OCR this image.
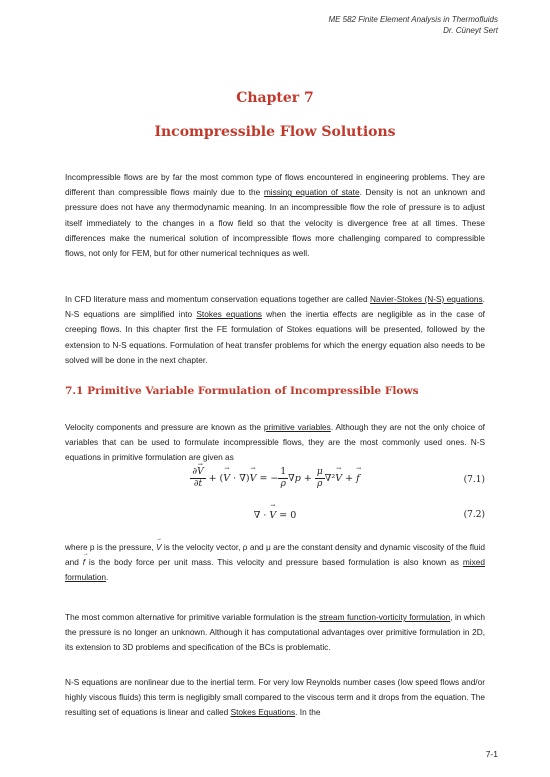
ME 582 Finite Element Analysis in Thermofluids
Dr. Cüneyt Sert
Chapter 7
Incompressible Flow Solutions

Incompressible flows are by far the most common type of flows encountered in engineering problems. They are different than compressible flows mainly due to the missing equation of state. Density is not an unknown and pressure does not have any thermodynamic meaning. In an incompressible flow the role of pressure is to adjust itself immediately to the changes in a flow field so that the velocity is divergence free at all times. These differences make the numerical solution of incompressible flows more challenging compared to compressible flows, not only for FEM, but for other numerical techniques as well.

In CFD literature mass and momentum conservation equations together are called Navier-Stokes (N-S) equations. N-S equations are simplified into Stokes equations when the inertia effects are negligible as in the case of creeping flows. In this chapter first the FE formulation of Stokes equations will be presented, followed by the extension to N-S equations. Formulation of heat transfer problems for which the energy equation also needs to be solved will be done in the next chapter.

7.1 Primitive Variable Formulation of Incompressible Flows

Velocity components and pressure are known as the primitive variables. Although they are not the only choice of variables that can be used to formulate incompressible flows, they are the most commonly used ones. N-S equations in primitive formulation are given as

$\frac{\partial\to V}{\partial t}$ + (→ V · ∇)→ V = − $\frac{1}{\rho} \nabla p + \frac{\mu}{\rho} \nabla^2\to V$ + → f	(7.1)
∇ · → V = 0	(7.2)

where p is the pressure, → V is the velocity vector, ρ and μ are the constant density and dynamic viscosity of the fluid and → f is the body force per unit mass. This velocity and pressure based formulation is also known as mixed formulation.

The most common alternative for primitive variable formulation is the stream function-vorticity formulation, in which the pressure is no longer an unknown. Although it has computational advantages over primitive formulation in 2D, its extension to 3D problems and specification of the BCs is problematic.

N-S equations are nonlinear due to the inertial term. For very low Reynolds number cases (low speed flows and/or highly viscous fluids) this term is negligibly small compared to the viscous term and it drops from the equation. The resulting set of equations is linear and called Stokes Equations. In the

7-1
